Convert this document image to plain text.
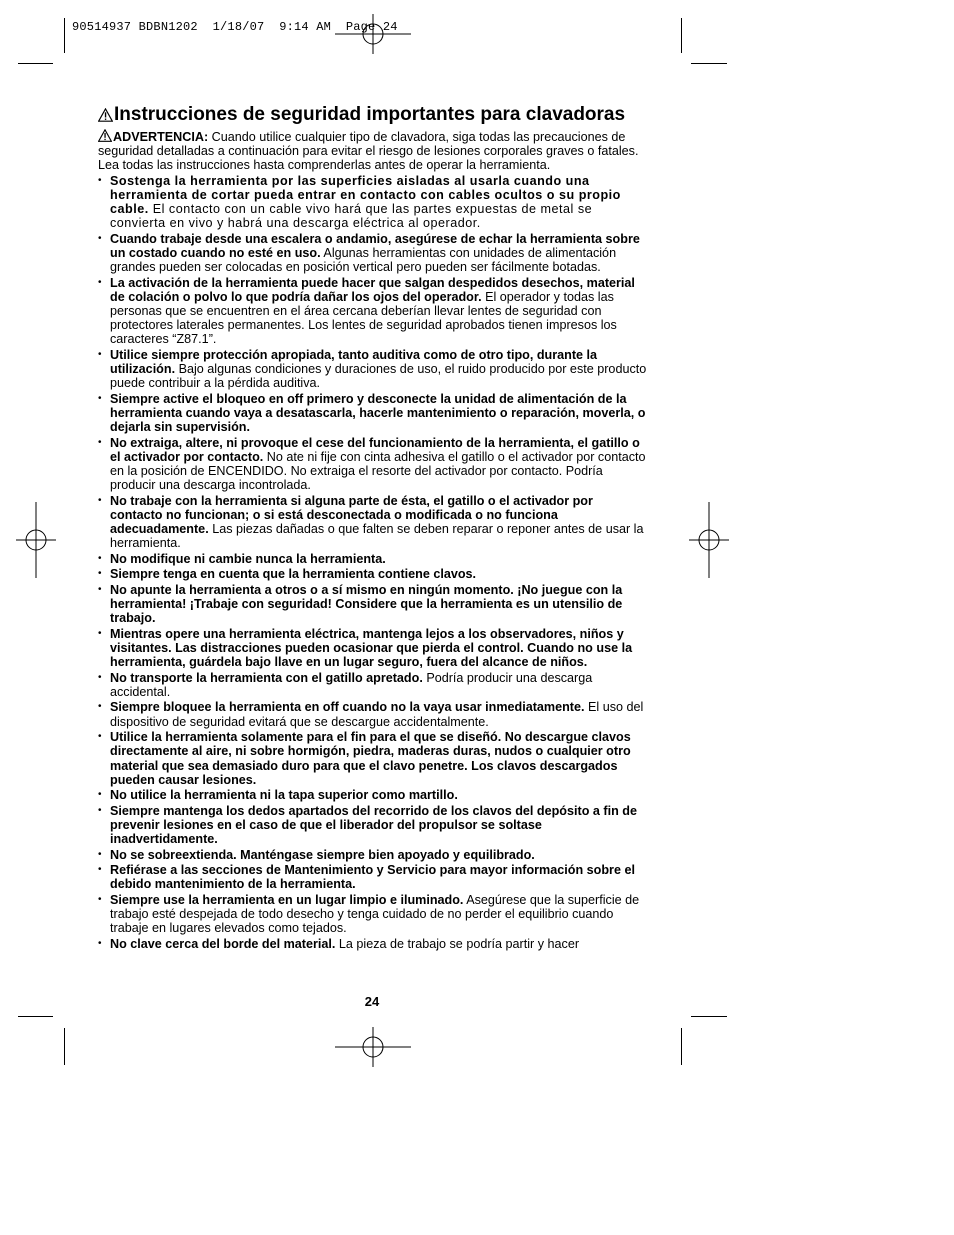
90514937 BDBN1202  1/18/07  9:14 AM  Page 24
Instrucciones de seguridad importantes para clavadoras

ADVERTENCIA: Cuando utilice cualquier tipo de clavadora, siga todas las precauciones de seguridad detalladas a continuación para evitar el riesgo de lesiones corporales graves o fatales. Lea todas las instrucciones hasta comprenderlas antes de operar la herramienta.

• Sostenga la herramienta por las superficies aisladas al usarla cuando una herramienta de cortar pueda entrar en contacto con cables ocultos o su propio cable. El contacto con un cable vivo hará que las partes expuestas de metal se convierta en vivo y habrá una descarga eléctrica al operador.
• Cuando trabaje desde una escalera o andamio, asegúrese de echar la herramienta sobre un costado cuando no esté en uso. Algunas herramientas con unidades de alimentación grandes pueden ser colocadas en posición vertical pero pueden ser fácilmente botadas.
• La activación de la herramienta puede hacer que salgan despedidos desechos, material de colación o polvo lo que podría dañar los ojos del operador. El operador y todas las personas que se encuentren en el área cercana deberían llevar lentes de seguridad con protectores laterales permanentes. Los lentes de seguridad aprobados tienen impresos los caracteres “Z87.1”.
• Utilice siempre protección apropiada, tanto auditiva como de otro tipo, durante la utilización. Bajo algunas condiciones y duraciones de uso, el ruido producido por este producto puede contribuir a la pérdida auditiva.
• Siempre active el bloqueo en off primero y desconecte la unidad de alimentación de la herramienta cuando vaya a desatascarla, hacerle mantenimiento o reparación, moverla, o dejarla sin supervisión.
• No extraiga, altere, ni provoque el cese del funcionamiento de la herramienta, el gatillo o el activador por contacto. No ate ni fije con cinta adhesiva el gatillo o el activador por contacto en la posición de ENCENDIDO. No extraiga el resorte del activador por contacto. Podría producir una descarga incontrolada.
• No trabaje con la herramienta si alguna parte de ésta, el gatillo o el activador por contacto no funcionan; o si está desconectada o modificada o no funciona adecuadamente. Las piezas dañadas o que falten se deben reparar o reponer antes de usar la herramienta.
• No modifique ni cambie nunca la herramienta.
• Siempre tenga en cuenta que la herramienta contiene clavos.
• No apunte la herramienta a otros o a sí mismo en ningún momento. ¡No juegue con la herramienta! ¡Trabaje con seguridad! Considere que la herramienta es un utensilio de trabajo.
• Mientras opere una herramienta eléctrica, mantenga lejos a los observadores, niños y visitantes. Las distracciones pueden ocasionar que pierda el control. Cuando no use la herramienta, guárdela bajo llave en un lugar seguro, fuera del alcance de niños.
• No transporte la herramienta con el gatillo apretado. Podría producir una descarga accidental.
• Siempre bloquee la herramienta en off cuando no la vaya usar inmediatamente. El uso del dispositivo de seguridad evitará que se descargue accidentalmente.
• Utilice la herramienta solamente para el fin para el que se diseñó. No descargue clavos directamente al aire, ni sobre hormigón, piedra, maderas duras, nudos o cualquier otro material que sea demasiado duro para que el clavo penetre. Los clavos descargados pueden causar lesiones.
• No utilice la herramienta ni la tapa superior como martillo.
• Siempre mantenga los dedos apartados del recorrido de los clavos del depósito a fin de prevenir lesiones en el caso de que el liberador del propulsor se soltase inadvertidamente.
• No se sobreextienda. Manténgase siempre bien apoyado y equilibrado.
• Refiérase a las secciones de Mantenimiento y Servicio para mayor información sobre el debido mantenimiento de la herramienta.
• Siempre use la herramienta en un lugar limpio e iluminado. Asegúrese que la superficie de trabajo esté despejada de todo desecho y tenga cuidado de no perder el equilibrio cuando trabaje en lugares elevados como tejados.
• No clave cerca del borde del material. La pieza de trabajo se podría partir y hacer
24
